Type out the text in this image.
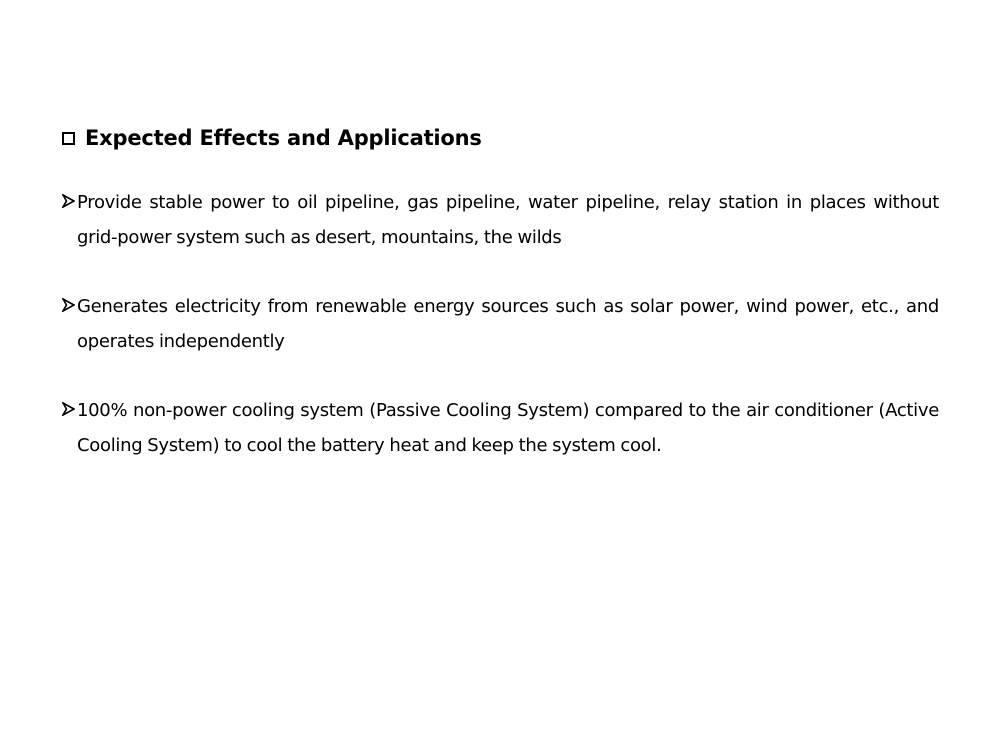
Expected Effects and Applications
Provide stable power to oil pipeline, gas pipeline, water pipeline, relay station in places without grid-power system such as desert, mountains, the wilds
Generates electricity from renewable energy sources such as solar power, wind power, etc., and operates independently
100% non-power cooling system (Passive Cooling System) compared to the air conditioner (Active Cooling System) to cool the battery heat and keep the system cool.
